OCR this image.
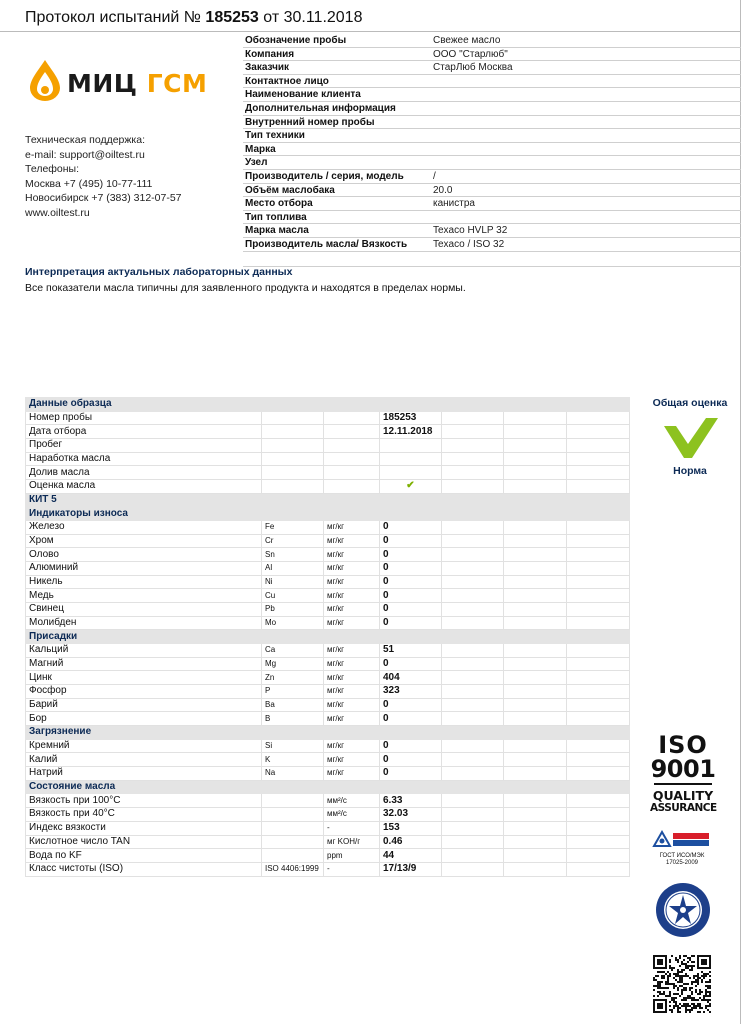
Протокол испытаний № 185253 от 30.11.2018
МИЦ ГСМ
Техническая поддержка:
e-mail: support@oiltest.ru
Телефоны:
Москва +7 (495) 10-77-111
Новосибирск +7 (383) 312-07-57
www.oiltest.ru
Обозначение пробы	Свежее масло
Компания	ООО "Старлюб"
Заказчик	СтарЛюб Москва
Контактное лицо
Наименование клиента
Дополнительная информация
Внутренний номер пробы
Тип техники
Марка
Узел
Производитель / серия, модель	/
Объём маслобака	20.0
Место отбора	канистра
Тип топлива
Марка масла	Texaco HVLP 32
Производитель масла/ Вязкость	Texaco / ISO 32
Интерпретация актуальных лабораторных данных
Все показатели масла типичны для заявленного продукта и находятся в пределах нормы.
Данные образца						
Номер пробы			185253			
Дата отбора			12.11.2018			
Пробег						
Наработка масла						
Долив масла						
Оценка масла			✔			
КИТ 5						
Индикаторы износа						
Железо	Fe	мг/кг	0			
Хром	Cr	мг/кг	0			
Олово	Sn	мг/кг	0			
Алюминий	Al	мг/кг	0			
Никель	Ni	мг/кг	0			
Медь	Cu	мг/кг	0			
Свинец	Pb	мг/кг	0			
Молибден	Mo	мг/кг	0			
Присадки						
Кальций	Ca	мг/кг	51			
Магний	Mg	мг/кг	0			
Цинк	Zn	мг/кг	404			
Фосфор	P	мг/кг	323			
Барий	Ba	мг/кг	0			
Бор	B	мг/кг	0			
Загрязнение						
Кремний	Si	мг/кг	0			
Калий	K	мг/кг	0			
Натрий	Na	мг/кг	0			
Состояние масла						
Вязкость при 100°С		мм²/с	6.33			
Вязкость при 40°С		мм²/с	32.03			
Индекс вязкости		-	153			
Кислотное число TAN		мг KOH/г	0.46			
Вода по KF		ppm	44			
Класс чистоты (ISO)	ISO 4406:1999	-	17/13/9			
Общая оценка
Норма
ISO
9001
QUALITY
ASSURANCE
ГОСТ ИСО/МЭК
17025-2009
